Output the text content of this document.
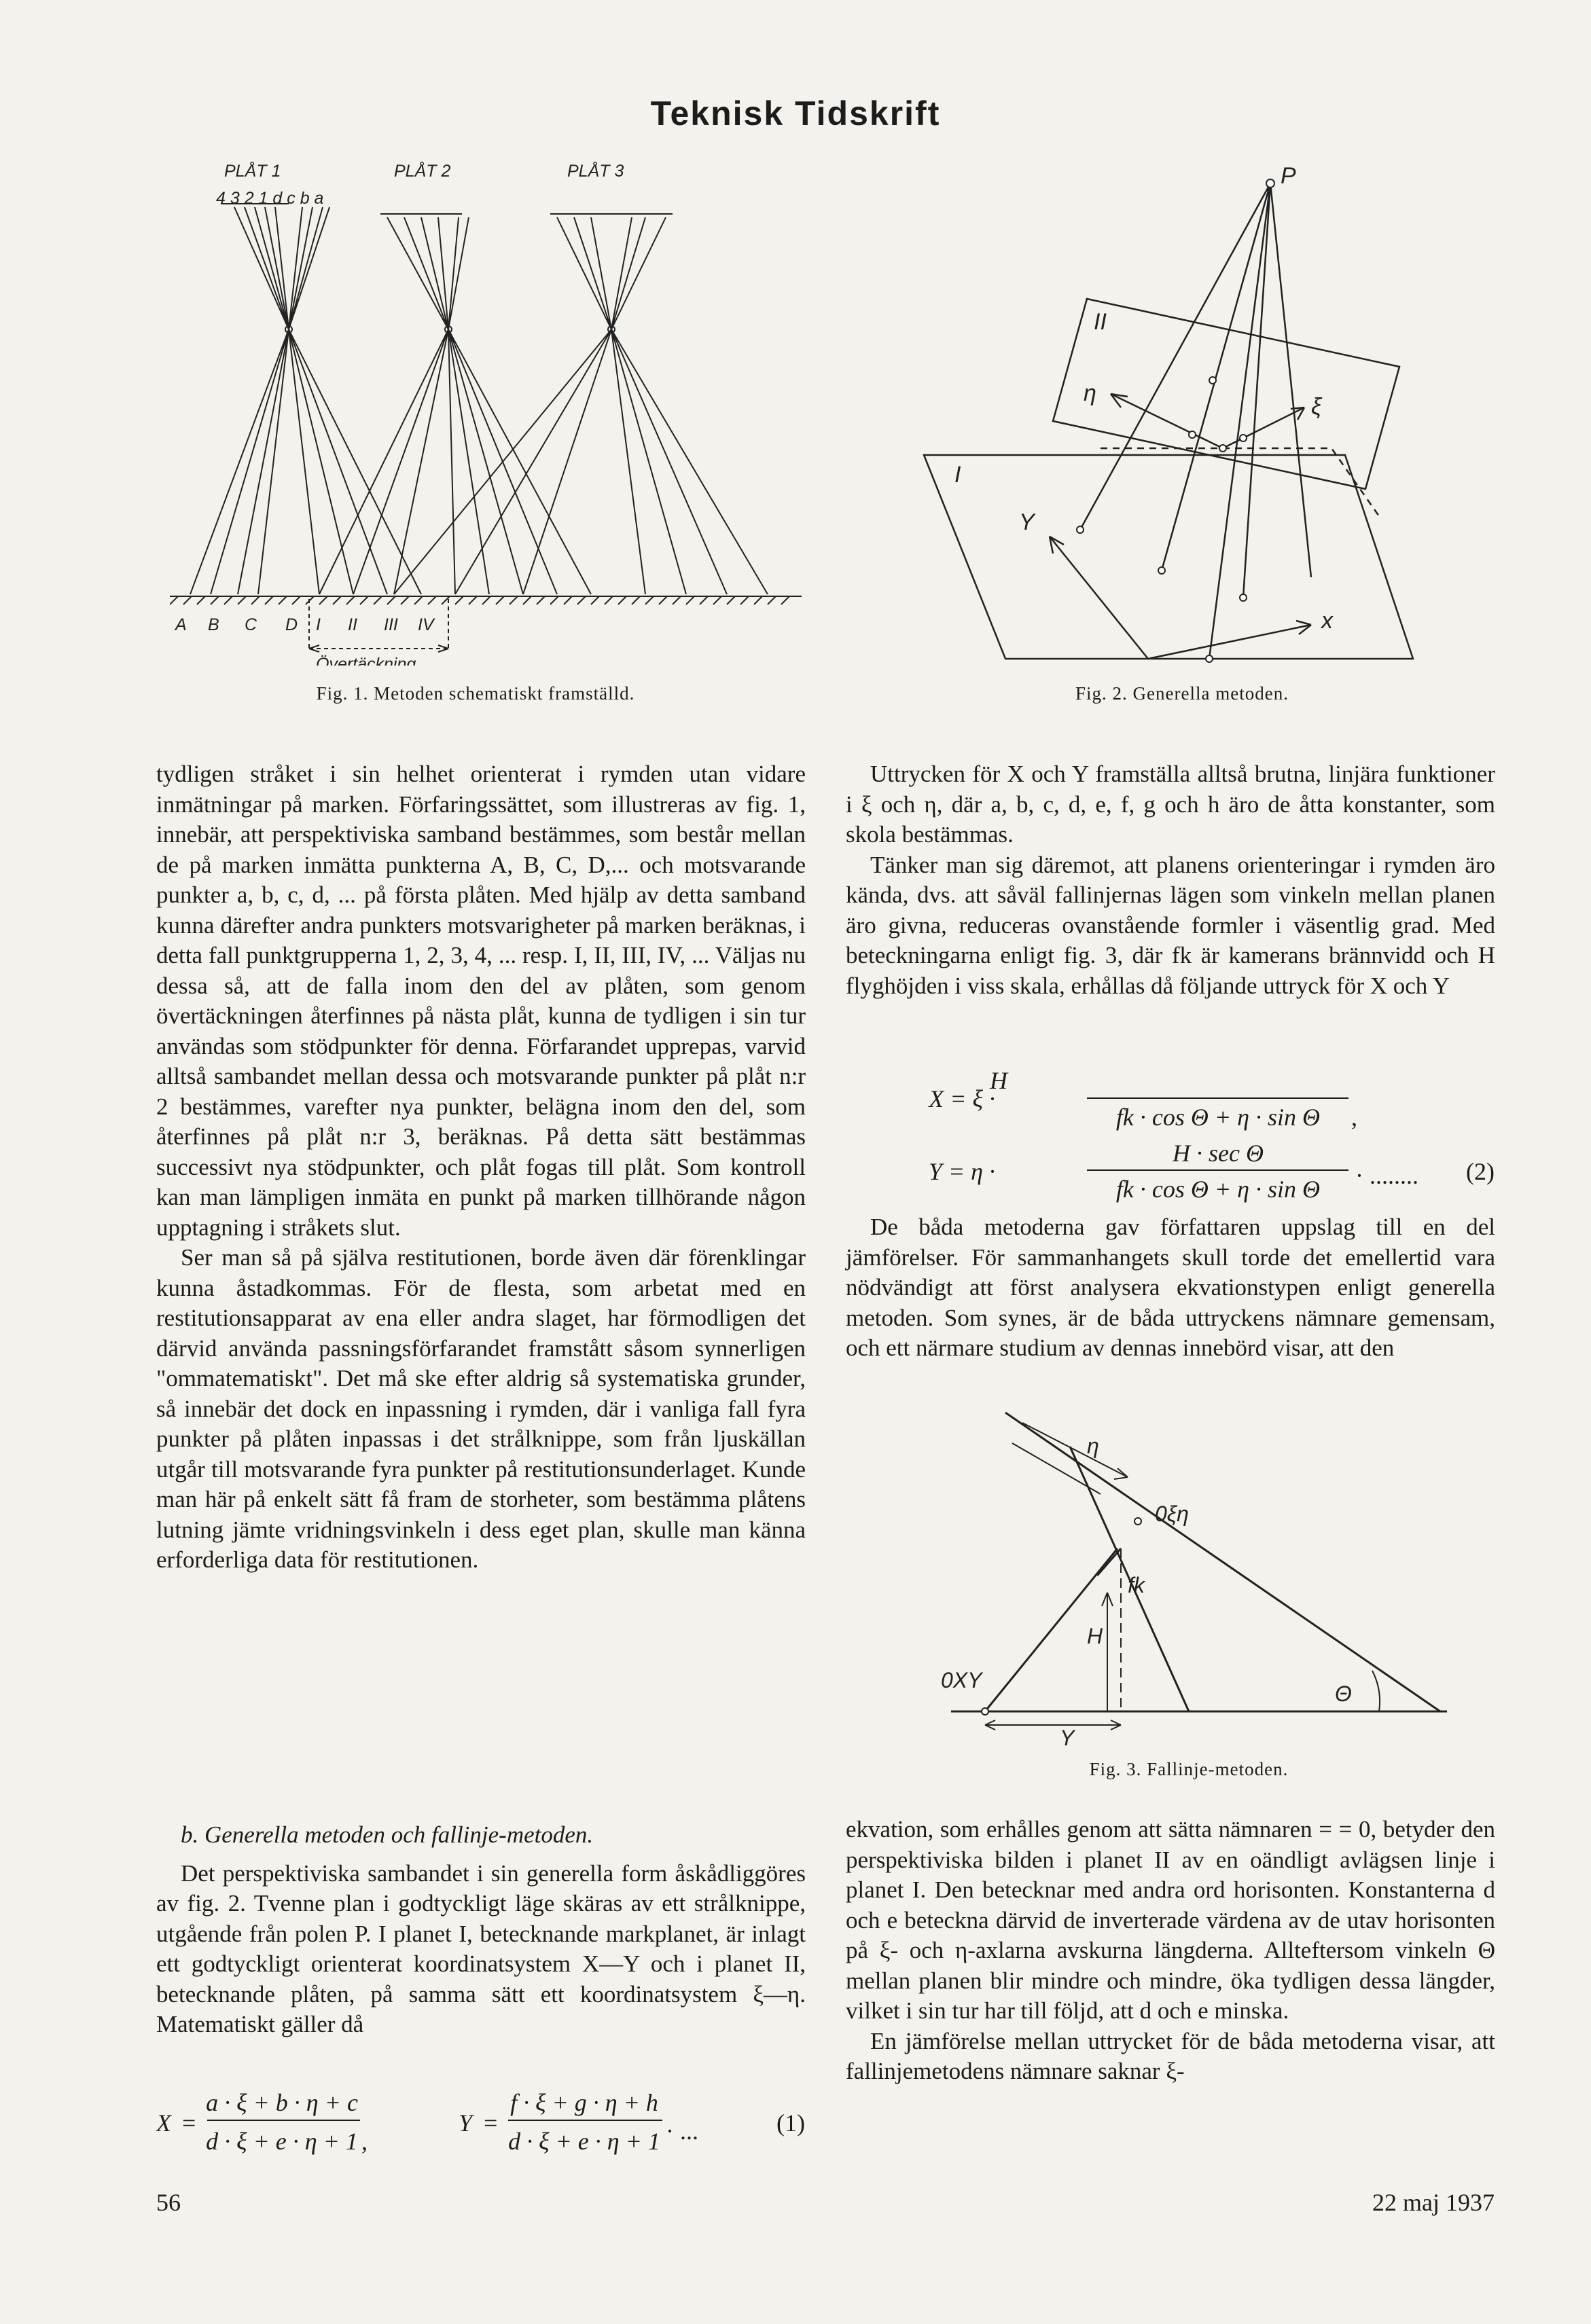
Teknisk Tidskrift
PLÅT 1	PLÅT 2	PLÅT 3
4 3 2 1 d c b a
A B C D I II III IV
Övertäckning
Fig. 1. Metoden schematiskt framställd.
P
II
I
η
ξ
Y
x
Fig. 2. Generella metoden.

tydligen stråket i sin helhet orienterat i rymden utan vidare inmätningar på marken. Förfaringssättet, som illustreras av fig. 1, innebär, att perspektiviska samband bestämmes, som består mellan de på marken inmätta punkterna A, B, C, D,... och motsvarande punkter a, b, c, d, ... på första plåten. Med hjälp av detta samband kunna därefter andra punkters motsvarigheter på marken beräknas, i detta fall punktgrupperna 1, 2, 3, 4, ... resp. I, II, III, IV, ... Väljas nu dessa så, att de falla inom den del av plåten, som genom övertäckningen återfinnes på nästa plåt, kunna de tydligen i sin tur användas som stödpunkter för denna. Förfarandet upprepas, varvid alltså sambandet mellan dessa och motsvarande punkter på plåt n:r 2 bestämmes, varefter nya punkter, belägna inom den del, som återfinnes på plåt n:r 3, beräknas. På detta sätt bestämmas successivt nya stödpunkter, och plåt fogas till plåt. Som kontroll kan man lämpligen inmäta en punkt på marken tillhörande någon upptagning i stråkets slut.

Ser man så på själva restitutionen, borde även där förenklingar kunna åstadkommas. För de flesta, som arbetat med en restitutionsapparat av ena eller andra slaget, har förmodligen det därvid använda passningsförfarandet framstått såsom synnerligen "ommatematiskt". Det må ske efter aldrig så systematiska grunder, så innebär det dock en inpassning i rymden, där i vanliga fall fyra punkter på plåten inpassas i det strålknippe, som från ljuskällan utgår till motsvarande fyra punkter på restitutionsunderlaget. Kunde man här på enkelt sätt få fram de storheter, som bestämma plåtens lutning jämte vridningsvinkeln i dess eget plan, skulle man känna erforderliga data för restitutionen.

b. Generella metoden och fallinje-metoden.

Det perspektiviska sambandet i sin generella form åskådliggöres av fig. 2. Tvenne plan i godtyckligt läge skäras av ett strålknippe, utgående från polen P. I planet I, betecknande markplanet, är inlagt ett godtyckligt orienterat koordinatsystem X—Y och i planet II, betecknande plåten, på samma sätt ett koordinatsystem ξ—η. Matematiskt gäller då

X =
a · ξ + b · η + c
d · ξ + e · η + 1 ,
Y =
f · ξ + g · η + h
d · ξ + e · η + 1 · ...	(1)

Uttrycken för X och Y framställa alltså brutna, linjära funktioner i ξ och η, där a, b, c, d, e, f, g och h äro de åtta konstanter, som skola bestämmas.

Tänker man sig däremot, att planens orienteringar i rymden äro kända, dvs. att såväl fallinjernas lägen som vinkeln mellan planen äro givna, reduceras ovanstående formler i väsentlig grad. Med beteckningarna enligt fig. 3, där fk är kamerans brännvidd och H flyghöjden i viss skala, erhållas då följande uttryck för X och Y

H
X = ξ ·
fk · cos Θ + η · sin Θ ,
H · sec Θ
Y = η ·
fk · cos Θ + η · sin Θ · ........ (2)

De båda metoderna gav författaren uppslag till en del jämförelser. För sammanhangets skull torde det emellertid vara nödvändigt att först analysera ekvationstypen enligt generella metoden. Som synes, är de båda uttryckens nämnare gemensam, och ett närmare studium av dennas innebörd visar, att den

η
0ξη
fk
H
0XY
Θ
Y
Fig. 3. Fallinje-metoden.

ekvation, som erhålles genom att sätta nämnaren = = 0, betyder den perspektiviska bilden i planet II av en oändligt avlägsen linje i planet I. Den betecknar med andra ord horisonten. Konstanterna d och e beteckna därvid de inverterade värdena av de utav horisonten på ξ- och η-axlarna avskurna längderna. Allteftersom vinkeln Θ mellan planen blir mindre och mindre, öka tydligen dessa längder, vilket i sin tur har till följd, att d och e minska.

En jämförelse mellan uttrycket för de båda metoderna visar, att fallinjemetodens nämnare saknar ξ-

56	22 maj 1937
